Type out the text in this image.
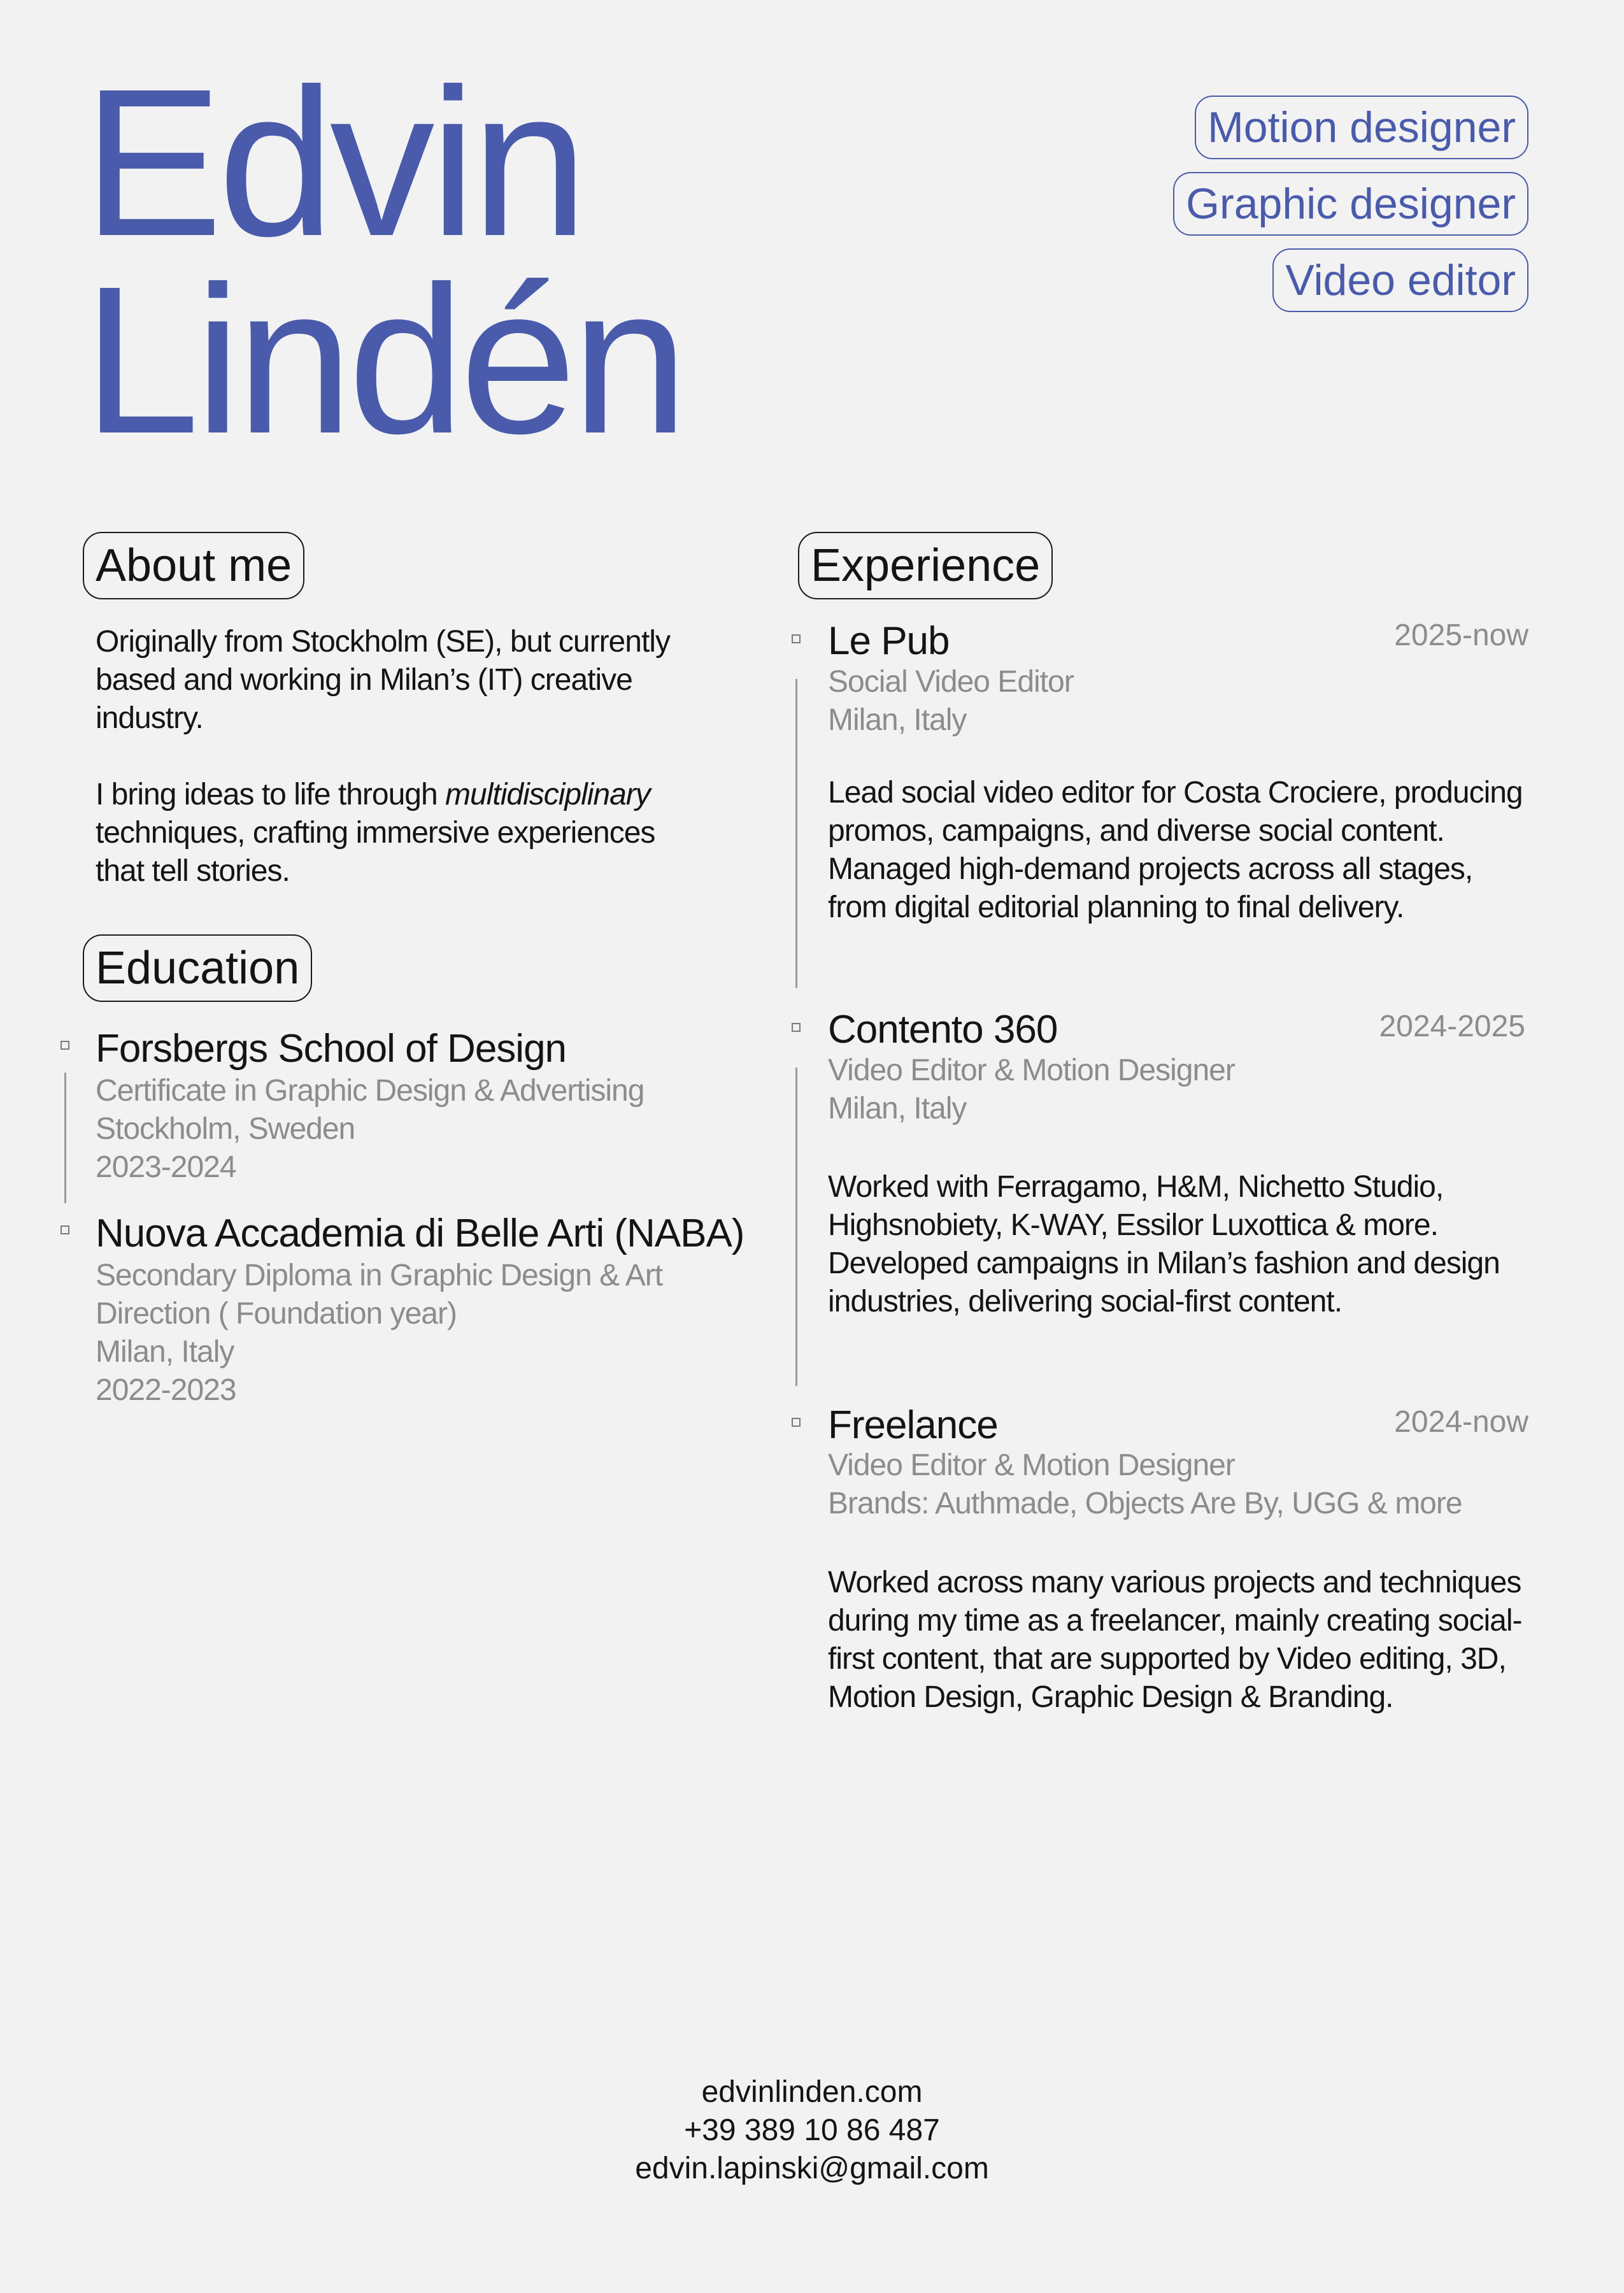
Edvin
Lindén
Motion designer
Graphic designer
Video editor
About me

Originally from Stockholm (SE), but currently based and working in Milan’s (IT) creative industry.

I bring ideas to life through multidisciplinary techniques, crafting immersive experiences that tell stories.

Education
Forsbergs School of Design
Certificate in Graphic Design & Advertising
Stockholm, Sweden
2023-2024
Nuova Accademia di Belle Arti (NABA)
Secondary Diploma in Graphic Design & Art
Direction ( Foundation year)
Milan, Italy
2022-2023
Experience
Le Pub	2025-now
Social Video Editor
Milan, Italy
Lead social video editor for Costa Crociere, producing promos, campaigns, and diverse social content. Managed high-demand projects across all stages, from digital editorial planning to final delivery.
Contento 360	2024-2025
Video Editor & Motion Designer
Milan, Italy
Worked with Ferragamo, H&M, Nichetto Studio, Highsnobiety, K-WAY, Essilor Luxottica & more. Developed campaigns in Milan’s fashion and design industries, delivering social-first content.
Freelance	2024-now
Video Editor & Motion Designer
Brands: Authmade, Objects Are By, UGG & more
Worked across many various projects and techniques during my time as a freelancer, mainly creating social-first content, that are supported by Video editing, 3D, Motion Design, Graphic Design & Branding.
edvinlinden.com
+39 389 10 86 487
edvin.lapinski@gmail.com
